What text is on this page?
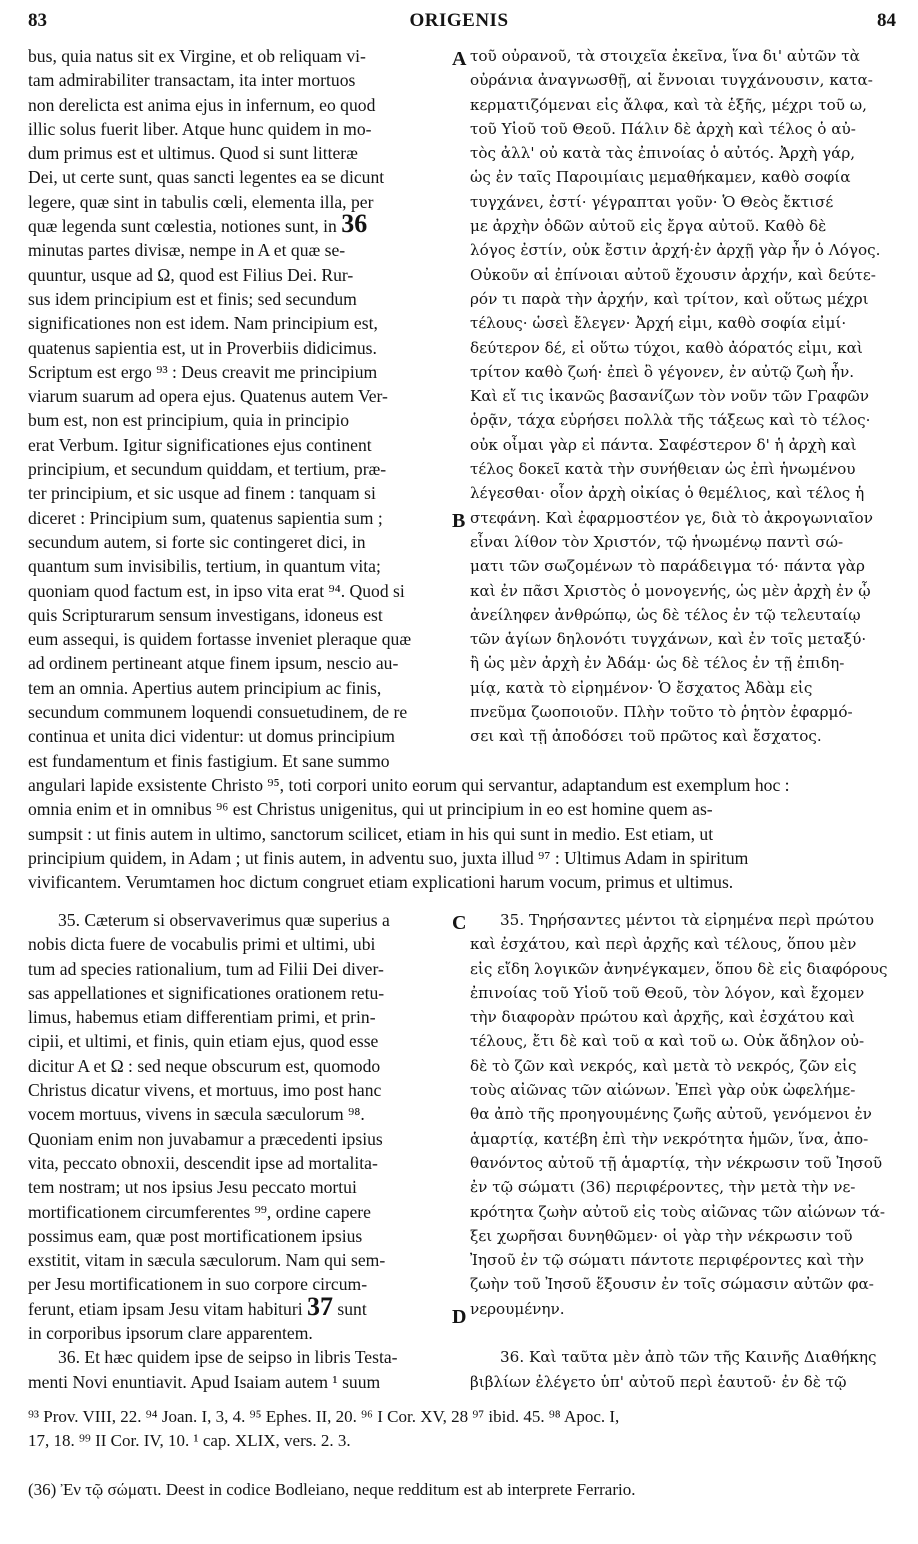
83	ORIGENIS	84

bus, quia natus sit ex Virgine, et ob reliquam vi-

tam admirabiliter transactam, ita inter mortuos

non derelicta est anima ejus in infernum, eo quod

illic solus fuerit liber. Atque hunc quidem in mo-

dum primus est et ultimus. Quod si sunt litteræ

Dei, ut certe sunt, quas sancti legentes ea se dicunt

legere, quæ sint in tabulis cœli, elementa illa, per

quæ legenda sunt cœlestia, notiones sunt, in 36

minutas partes divisæ, nempe in A et quæ se-

quuntur, usque ad Ω, quod est Filius Dei. Rur-

sus idem principium est et finis; sed secundum

significationes non est idem. Nam principium est,

quatenus sapientia est, ut in Proverbiis didicimus.

Scriptum est ergo ⁹³ : Deus creavit me principium

viarum suarum ad opera ejus. Quatenus autem Ver-

bum est, non est principium, quia in principio

erat Verbum. Igitur significationes ejus continent

principium, et secundum quiddam, et tertium, præ-

ter principium, et sic usque ad finem : tanquam si

diceret : Principium sum, quatenus sapientia sum ;

secundum autem, si forte sic contingeret dici, in

quantum sum invisibilis, tertium, in quantum vita;

quoniam quod factum est, in ipso vita erat ⁹⁴. Quod si

quis Scripturarum sensum investigans, idoneus est

eum assequi, is quidem fortasse inveniet pleraque quæ

ad ordinem pertineant atque finem ipsum, nescio au-

tem an omnia. Apertius autem principium ac finis,

secundum communem loquendi consuetudinem, de re

continua et unita dici videntur: ut domus principium

est fundamentum et finis fastigium. Et sane summo

A
B

τοῦ οὐρανοῦ, τὰ στοιχεῖα ἐκεῖνα, ἵνα δι' αὐτῶν τὰ

οὐράνια ἀναγνωσθῇ, αἱ ἔννοιαι τυγχάνουσιν, κατα-

κερματιζόμεναι εἰς ἄλφα, καὶ τὰ ἑξῆς, μέχρι τοῦ ω,

τοῦ Υἱοῦ τοῦ Θεοῦ. Πάλιν δὲ ἀρχὴ καὶ τέλος ὁ αὐ-

τὸς ἀλλ' οὐ κατὰ τὰς ἐπινοίας ὁ αὐτός. Ἀρχὴ γάρ,

ὡς ἐν ταῖς Παροιμίαις μεμαθήκαμεν, καθὸ σοφία

τυγχάνει, ἐστί· γέγραπται γοῦν· Ὁ Θεὸς ἔκτισέ

με ἀρχὴν ὁδῶν αὐτοῦ εἰς ἔργα αὐτοῦ. Καθὸ δὲ

λόγος ἐστίν, οὐκ ἔστιν ἀρχή·ἐν ἀρχῇ γὰρ ἦν ὁ Λόγος.

Οὐκοῦν αἱ ἐπίνοιαι αὐτοῦ ἔχουσιν ἀρχήν, καὶ δεύτε-

ρόν τι παρὰ τὴν ἀρχήν, καὶ τρίτον, καὶ οὕτως μέχρι

τέλους· ὡσεὶ ἔλεγεν· Ἀρχή εἰμι, καθὸ σοφία εἰμί·

δεύτερον δέ, εἰ οὕτω τύχοι, καθὸ ἀόρατός εἰμι, καὶ

τρίτον καθὸ ζωή· ἐπεὶ ὃ γέγονεν, ἐν αὐτῷ ζωὴ ἦν.

Καὶ εἴ τις ἱκανῶς βασανίζων τὸν νοῦν τῶν Γραφῶν

ὁρᾷν, τάχα εὑρήσει πολλὰ τῆς τάξεως καὶ τὸ τέλος·

οὐκ οἶμαι γὰρ εἰ πάντα. Σαφέστερον δ' ἡ ἀρχὴ καὶ

τέλος δοκεῖ κατὰ τὴν συνήθειαν ὡς ἐπὶ ἡνωμένου

λέγεσθαι· οἷον ἀρχὴ οἰκίας ὁ θεμέλιος, καὶ τέλος ἡ

στεφάνη. Καὶ ἐφαρμοστέον γε, διὰ τὸ ἀκρογωνιαῖον

εἶναι λίθον τὸν Χριστόν, τῷ ἡνωμένῳ παντὶ σώ-

ματι τῶν σωζομένων τὸ παράδειγμα τό· πάντα γὰρ

καὶ ἐν πᾶσι Χριστὸς ὁ μονογενής, ὡς μὲν ἀρχὴ ἐν ᾧ

ἀνείληφεν ἀνθρώπῳ, ὡς δὲ τέλος ἐν τῷ τελευταίῳ

τῶν ἁγίων δηλονότι τυγχάνων, καὶ ἐν τοῖς μεταξύ·

ἢ ὡς μὲν ἀρχὴ ἐν Ἀδάμ· ὡς δὲ τέλος ἐν τῇ ἐπιδη-

μίᾳ, κατὰ τὸ εἰρημένον· Ὁ ἔσχατος Ἀδὰμ εἰς

πνεῦμα ζωοποιοῦν. Πλὴν τοῦτο τὸ ῥητὸν ἐφαρμό-

σει καὶ τῇ ἀποδόσει τοῦ πρῶτος καὶ ἔσχατος.

angulari lapide exsistente Christo ⁹⁵, toti corpori unito eorum qui servantur, adaptandum est exemplum hoc :

omnia enim et in omnibus ⁹⁶ est Christus unigenitus, qui ut principium in eo est homine quem as-

sumpsit : ut finis autem in ultimo, sanctorum scilicet, etiam in his qui sunt in medio. Est etiam, ut

principium quidem, in Adam ; ut finis autem, in adventu suo, juxta illud ⁹⁷ : Ultimus Adam in spiritum

vivificantem. Verumtamen hoc dictum congruet etiam explicationi harum vocum, primus et ultimus.

C
D

35. Cæterum si observaverimus quæ superius a

nobis dicta fuere de vocabulis primi et ultimi, ubi

tum ad species rationalium, tum ad Filii Dei diver-

sas appellationes et significationes orationem retu-

limus, habemus etiam differentiam primi, et prin-

cipii, et ultimi, et finis, quin etiam ejus, quod esse

dicitur A et Ω : sed neque obscurum est, quomodo

Christus dicatur vivens, et mortuus, imo post hanc

vocem mortuus, vivens in sæcula sæculorum ⁹⁸.

Quoniam enim non juvabamur a præcedenti ipsius

vita, peccato obnoxii, descendit ipse ad mortalita-

tem nostram; ut nos ipsius Jesu peccato mortui

mortificationem circumferentes ⁹⁹, ordine capere

possimus eam, quæ post mortificationem ipsius

exstitit, vitam in sæcula sæculorum. Nam qui sem-

per Jesu mortificationem in suo corpore circum-

ferunt, etiam ipsam Jesu vitam habituri 37 sunt

in corporibus ipsorum clare apparentem.

36. Et hæc quidem ipse de seipso in libris Testa-

menti Novi enuntiavit. Apud Isaiam autem ¹ suum

35. Τηρήσαντες μέντοι τὰ εἰρημένα περὶ πρώτου

καὶ ἐσχάτου, καὶ περὶ ἀρχῆς καὶ τέλους, ὅπου μὲν

εἰς εἴδη λογικῶν ἀνηνέγκαμεν, ὅπου δὲ εἰς διαφόρους

ἐπινοίας τοῦ Υἱοῦ τοῦ Θεοῦ, τὸν λόγον, καὶ ἔχομεν

τὴν διαφορὰν πρώτου καὶ ἀρχῆς, καὶ ἐσχάτου καὶ

τέλους, ἔτι δὲ καὶ τοῦ α καὶ τοῦ ω. Οὐκ ἄδηλον οὐ-

δὲ τὸ ζῶν καὶ νεκρός, καὶ μετὰ τὸ νεκρός, ζῶν εἰς

τοὺς αἰῶνας τῶν αἰώνων. Ἐπεὶ γὰρ οὐκ ὠφελήμε-

θα ἀπὸ τῆς προηγουμένης ζωῆς αὐτοῦ, γενόμενοι ἐν

ἁμαρτίᾳ, κατέβη ἐπὶ τὴν νεκρότητα ἡμῶν, ἵνα, ἀπο-

θανόντος αὐτοῦ τῇ ἁμαρτίᾳ, τὴν νέκρωσιν τοῦ Ἰησοῦ

ἐν τῷ σώματι (36) περιφέροντες, τὴν μετὰ τὴν νε-

κρότητα ζωὴν αὐτοῦ εἰς τοὺς αἰῶνας τῶν αἰώνων τά-

ξει χωρῆσαι δυνηθῶμεν· οἱ γὰρ τὴν νέκρωσιν τοῦ

Ἰησοῦ ἐν τῷ σώματι πάντοτε περιφέροντες καὶ τὴν

ζωὴν τοῦ Ἰησοῦ ἕξουσιν ἐν τοῖς σώμασιν αὐτῶν φα-

νερουμένην.

36. Καὶ ταῦτα μὲν ἀπὸ τῶν τῆς Καινῆς Διαθήκης

βιβλίων ἐλέγετο ὑπ' αὐτοῦ περὶ ἑαυτοῦ· ἐν δὲ τῷ

⁹³ Prov. VIII, 22. ⁹⁴ Joan. I, 3, 4. ⁹⁵ Ephes. II, 20. ⁹⁶ I Cor. XV, 28 ⁹⁷ ibid. 45. ⁹⁸ Apoc. I,

17, 18. ⁹⁹ II Cor. IV, 10. ¹ cap. XLIX, vers. 2. 3.

(36) Ἐν τῷ σώματι. Deest in codice Bodleiano, neque redditum est ab interprete Ferrario.
